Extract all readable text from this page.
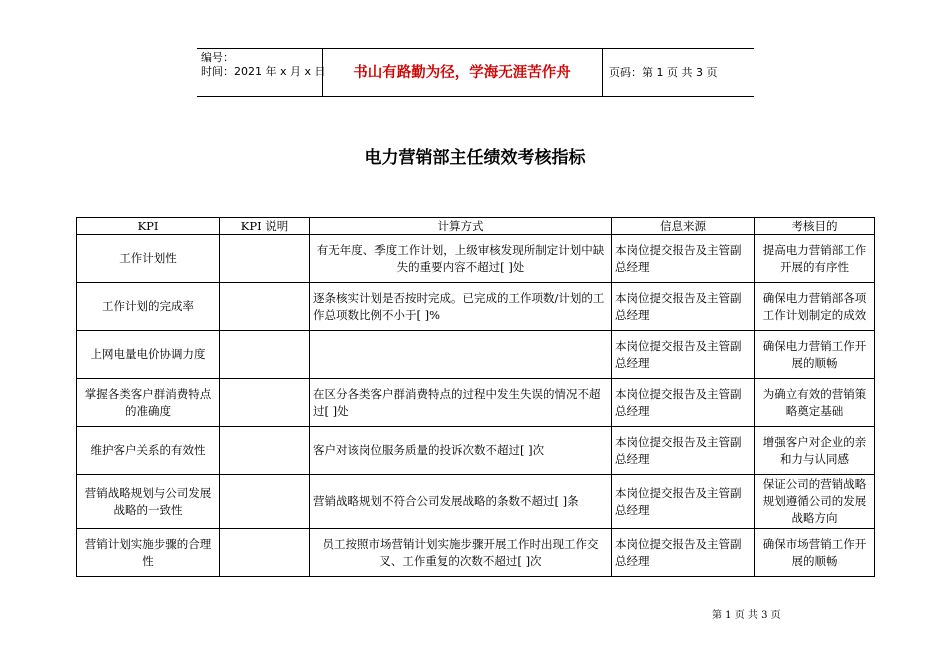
编号：
时间：2021 年 x 月 x 日	书山有路勤为径，学海无涯苦作舟	页码：第 1 页 共 3 页
电力营销部主任绩效考核指标
KPI	KPI 说明	计算方式	信息来源	考核目的
工作计划性		有无年度、季度工作计划，上级审核发现所制定计划中缺失的重要内容不超过[ ]处	本岗位提交报告及主管副总经理	提高电力营销部工作开展的有序性
工作计划的完成率		逐条核实计划是否按时完成。已完成的工作项数/计划的工作总项数比例不小于[ ]%	本岗位提交报告及主管副总经理	确保电力营销部各项工作计划制定的成效
上网电量电价协调力度			本岗位提交报告及主管副总经理	确保电力营销工作开展的顺畅
掌握各类客户群消费特点的准确度		在区分各类客户群消费特点的过程中发生失误的情况不超过[ ]处	本岗位提交报告及主管副总经理	为确立有效的营销策略奠定基础
维护客户关系的有效性		客户对该岗位服务质量的投诉次数不超过[ ]次	本岗位提交报告及主管副总经理	增强客户对企业的亲和力与认同感
营销战略规划与公司发展战略的一致性		营销战略规划不符合公司发展战略的条数不超过[ ]条	本岗位提交报告及主管副总经理	保证公司的营销战略规划遵循公司的发展战略方向
营销计划实施步骤的合理性		员工按照市场营销计划实施步骤开展工作时出现工作交叉、工作重复的次数不超过[ ]次	本岗位提交报告及主管副总经理	确保市场营销工作开展的顺畅
第 1 页 共 3 页
